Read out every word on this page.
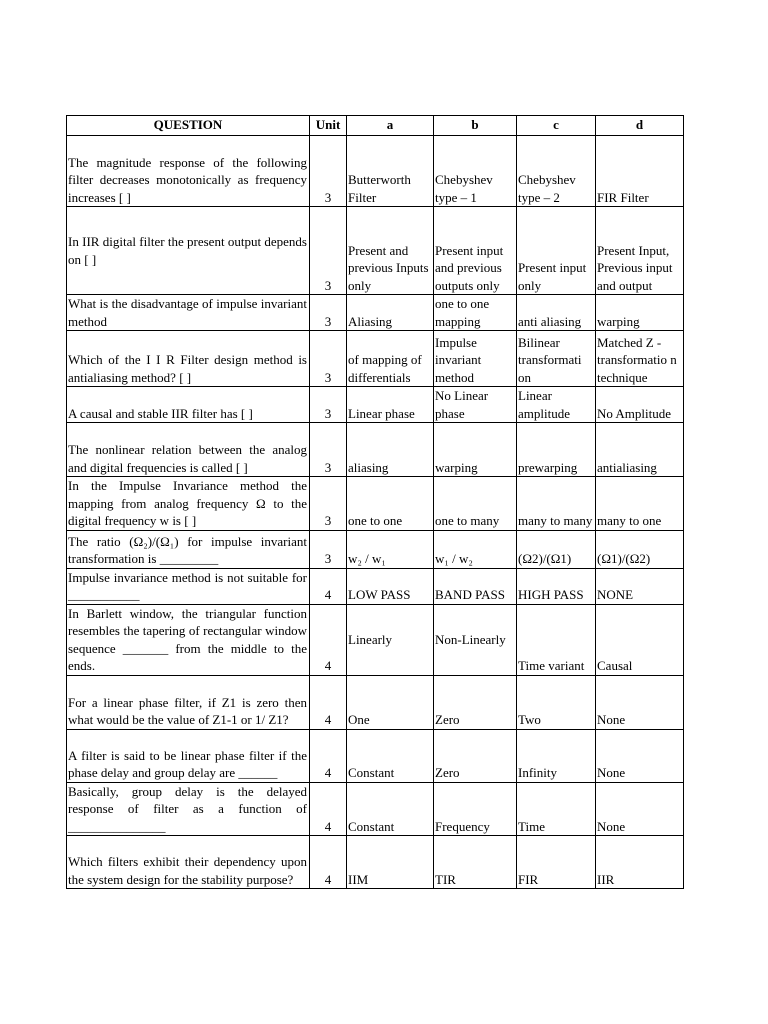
QUESTION	Unit	a	b	c	d
The magnitude response of the following filter decreases monotonically as frequency increases [ ]	3	Butterworth Filter	Chebyshev type – 1	Chebyshev type – 2	FIR Filter
In IIR digital filter the present output depends on [ ]	3	Present and previous Inputs only	Present input and previous outputs only	Present input only	Present Input, Previous input and output
What is the disadvantage of impulse invariant method	3	Aliasing	one to one mapping	anti aliasing	warping
Which of the I I R Filter design method is antialiasing method? [ ]	3	of mapping of differentials	Impulse invariant method	Bilinear transformati on	Matched Z - transformatio n technique
A causal and stable IIR filter has [ ]	3	Linear phase	No Linear phase	Linear amplitude	No Amplitude
The nonlinear relation between the analog and digital frequencies is called [ ]	3	aliasing	warping	prewarping	antialiasing
In the Impulse Invariance method the mapping from analog frequency Ω to the digital frequency w is [ ]	3	one to one	one to many	many to many	many to one
The ratio (Ω₂)/(Ω₁) for impulse invariant transformation is _________	3	w₂ / w₁	w₁ / w₂	(Ω2)/(Ω1)	(Ω1)/(Ω2)
Impulse invariance method is not suitable for ___________	4	LOW PASS	BAND PASS	HIGH PASS	NONE
In Barlett window, the triangular function resembles the tapering of rectangular window sequence _______ from the middle to the ends.	4	Linearly	Non-Linearly	Time variant	Causal
For a linear phase filter, if Z1 is zero then what would be the value of Z1-1 or 1/ Z1?	4	One	Zero	Two	None
A filter is said to be linear phase filter if the phase delay and group delay are ______	4	Constant	Zero	Infinity	None
Basically, group delay is the delayed response of filter as a function of _______________	4	Constant	Frequency	Time	None
Which filters exhibit their dependency upon the system design for the stability purpose?	4	IIM	TIR	FIR	IIR
